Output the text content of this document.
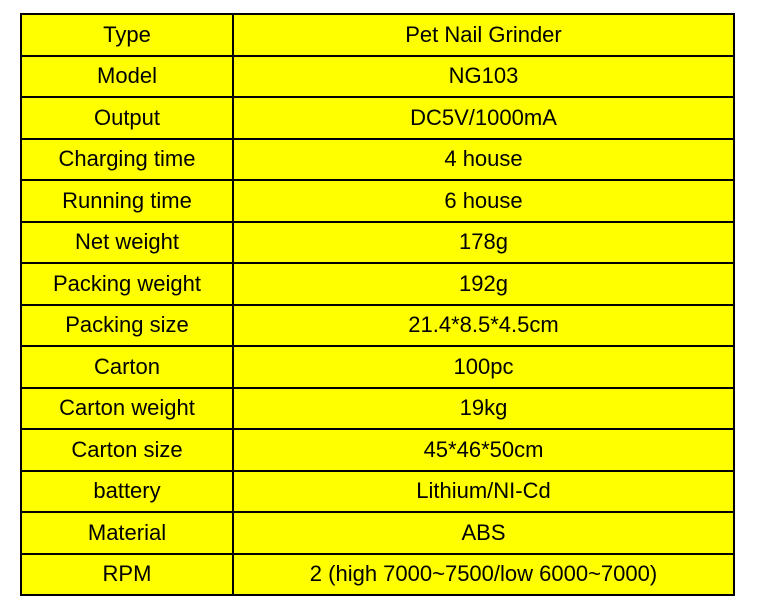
Type	Pet Nail Grinder
Model	NG103
Output	DC5V/1000mA
Charging time	4 house
Running time	6 house
Net weight	178g
Packing weight	192g
Packing size	21.4*8.5*4.5cm
Carton	100pc
Carton weight	19kg
Carton size	45*46*50cm
battery	Lithium/NI-Cd
Material	ABS
RPM	2 (high 7000~7500/low 6000~7000)
